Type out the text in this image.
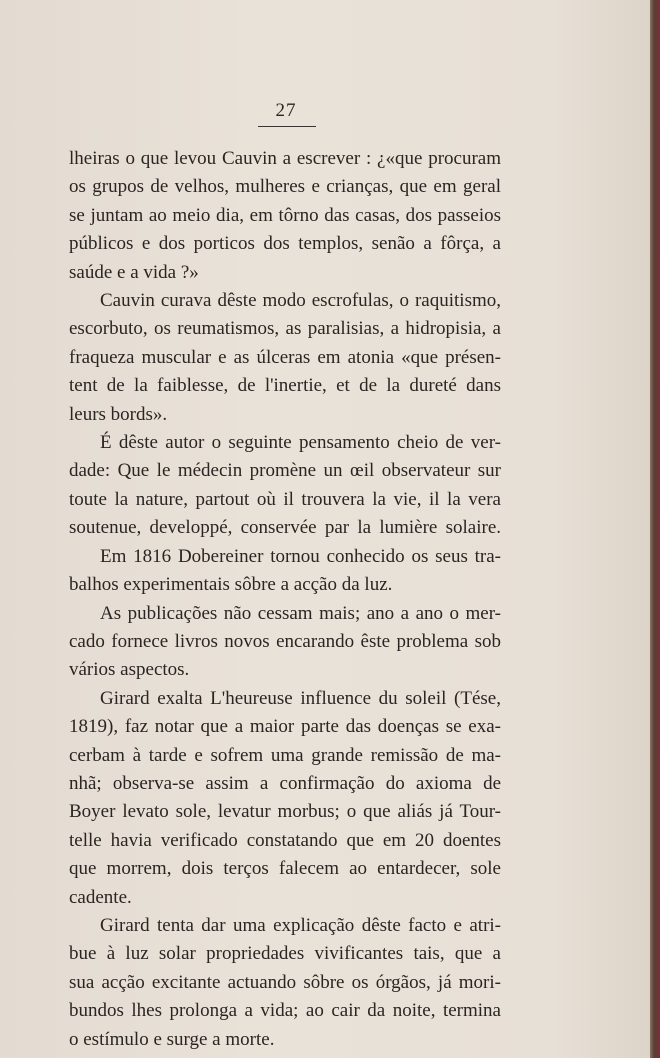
27
lheiras o que levou Cauvin a escrever : ¿«que procuram
os grupos de velhos, mulheres e crianças, que em geral
se juntam ao meio dia, em tôrno das casas, dos passeios
públicos e dos porticos dos templos, senão a fôrça, a
saúde e a vida ?»
Cauvin curava dêste modo escrofulas, o raquitismo,
escorbuto, os reumatismos, as paralisias, a hidropisia, a
fraqueza muscular e as úlceras em atonia «que présen-
tent de la faiblesse, de l'inertie, et de la dureté dans
leurs bords».
É dêste autor o seguinte pensamento cheio de ver-
dade: Que le médecin promène un œil observateur sur
toute la nature, partout où il trouvera la vie, il la vera
soutenue, developpé, conservée par la lumière solaire.
Em 1816 Dobereiner tornou conhecido os seus tra-
balhos experimentais sôbre a acção da luz.
As publicações não cessam mais; ano a ano o mer-
cado fornece livros novos encarando êste problema sob
vários aspectos.
Girard exalta L'heureuse influence du soleil (Tése,
1819), faz notar que a maior parte das doenças se exa-
cerbam à tarde e sofrem uma grande remissão de ma-
nhã; observa-se assim a confirmação do axioma de
Boyer levato sole, levatur morbus; o que aliás já Tour-
telle havia verificado constatando que em 20 doentes
que morrem, dois terços falecem ao entardecer, sole
cadente.
Girard tenta dar uma explicação dêste facto e atri-
bue à luz solar propriedades vivificantes tais, que a
sua acção excitante actuando sôbre os órgãos, já mori-
bundos lhes prolonga a vida; ao cair da noite, termina
o estímulo e surge a morte.
